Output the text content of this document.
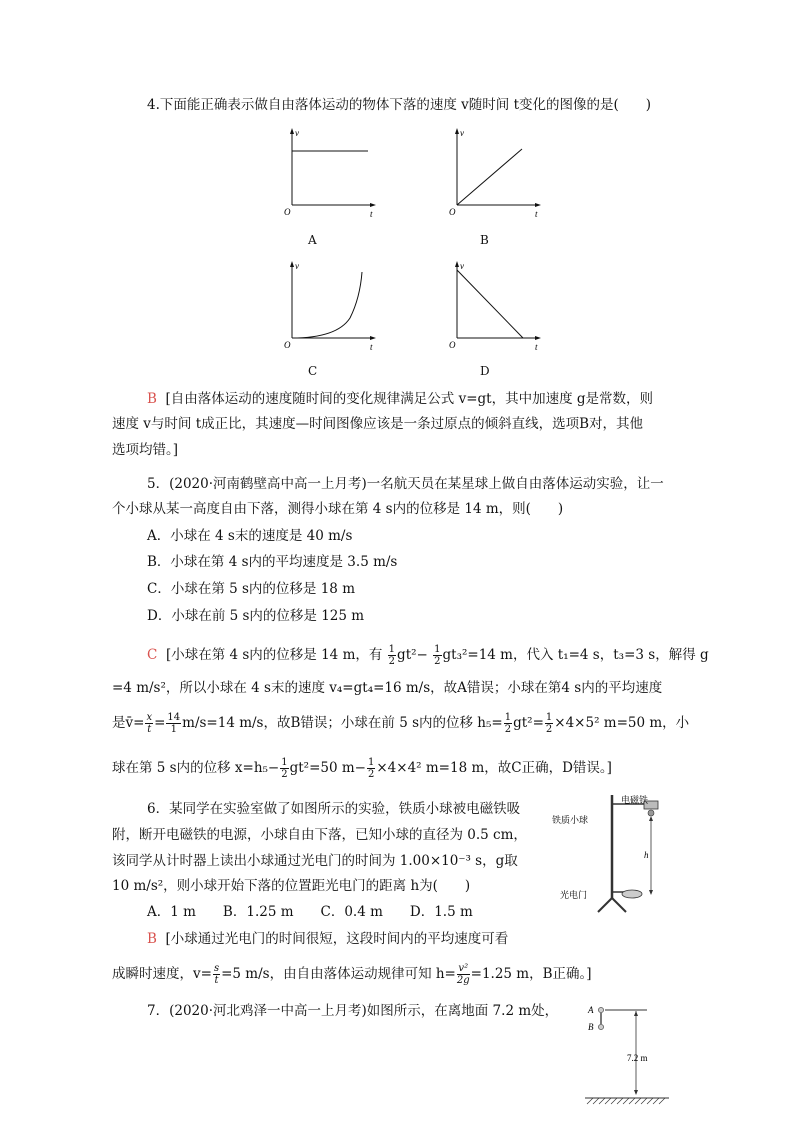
4.下面能正确表示做自由落体运动的物体下落的速度 v随时间 t变化的图像的是(　　)
v
O	t
A
v
O	t
B
v
O	t
C
v
O	t
D
B [自由落体运动的速度随时间的变化规律满足公式 v=gt，其中加速度 g是常数，则
速度 v与时间 t成正比，其速度—时间图像应该是一条过原点的倾斜直线，选项B对，其他
选项均错。]
5．(2020·河南鹤壁高中高一上月考)一名航天员在某星球上做自由落体运动实验，让一
个小球从某一高度自由下落，测得小球在第 4 s内的位移是 14 m，则(　　)
A．小球在 4 s末的速度是 40 m/s
B．小球在第 4 s内的平均速度是 3.5 m/s
C．小球在第 5 s内的位移是 18 m
D．小球在前 5 s内的位移是 125 m
C [小球在第 4 s内的位移是 14 m，有 $\frac{1}{2} gt^2- \frac{1}{2} gt_3^2=14$ m，代入 t₁=4 s，t₃=3 s，解得 g
=4 m/s²，所以小球在 4 s末的速度 v₄=gt₄=16 m/s，故A错误；小球在第4 s内的平均速度
是v̄= $\frac{x}{t} = \frac{14}{1} m/s=14$ m/s，故B错误；小球在前 5 s内的位移 $h_5= \frac{1}{2} gt^2= \frac{1}{2} \times 4\times 5^2$ m=50 m，小
球在第 5 s内的位移 $x=h_5- \frac{1}{2} gt^2=50$ $m- \frac{1}{2} \times 4\times 4^2$ m=18 m，故C正确，D错误。]
6．某同学在实验室做了如图所示的实验，铁质小球被电磁铁吸
附，断开电磁铁的电源，小球自由下落，已知小球的直径为 0.5 cm，
该同学从计时器上读出小球通过光电门的时间为 1.00×10⁻³ s，g取
10 m/s²，则小球开始下落的位置距光电门的距离 h为(　　)
A．1 m　　B．1.25 m　　C．0.4 m　　D．1.5 m
B [小球通过光电门的时间很短，这段时间内的平均速度可看
成瞬时速度，$v= \frac{s}{t} =5$ m/s，由自由落体运动规律可知 $h= \frac{\text{v²}}{2g} =1.25$ m，B正确。]
电磁铁
铁质小球
h
光电门
7．(2020·河北鸡泽一中高一上月考)如图所示，在离地面 7.2 m处，	A
B
7.2 m
